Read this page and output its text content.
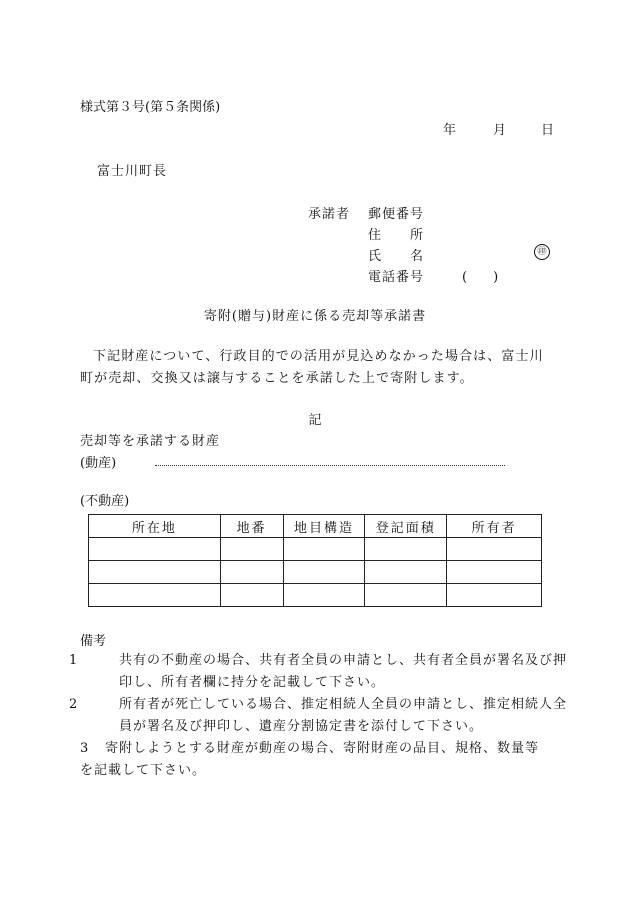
様式第３号(第５条関係)
年	月	日
富士川町長
承諾者 郵便番号
住　　所
氏　　名	㊞
電話番号	(　　)
寄附(贈与)財産に係る売却等承諾書
下記財産について、行政目的での活用が見込めなかった場合は、富士川町が売却、交換又は譲与することを承諾した上で寄附します。
記
売却等を承諾する財産
(動産)
(不動産)
所在地	地番	地目構造	登記面積	所有者

備考
1	共有の不動産の場合、共有者全員の申請とし、共有者全員が署名及び押印し、所有者欄に持分を記載して下さい。
2	所有者が死亡している場合、推定相続人全員の申請とし、推定相続人全員が署名及び押印し、遺産分割協定書を添付して下さい。
3 寄附しようとする財産が動産の場合、寄附財産の品目、規格、数量等を記載して下さい。
